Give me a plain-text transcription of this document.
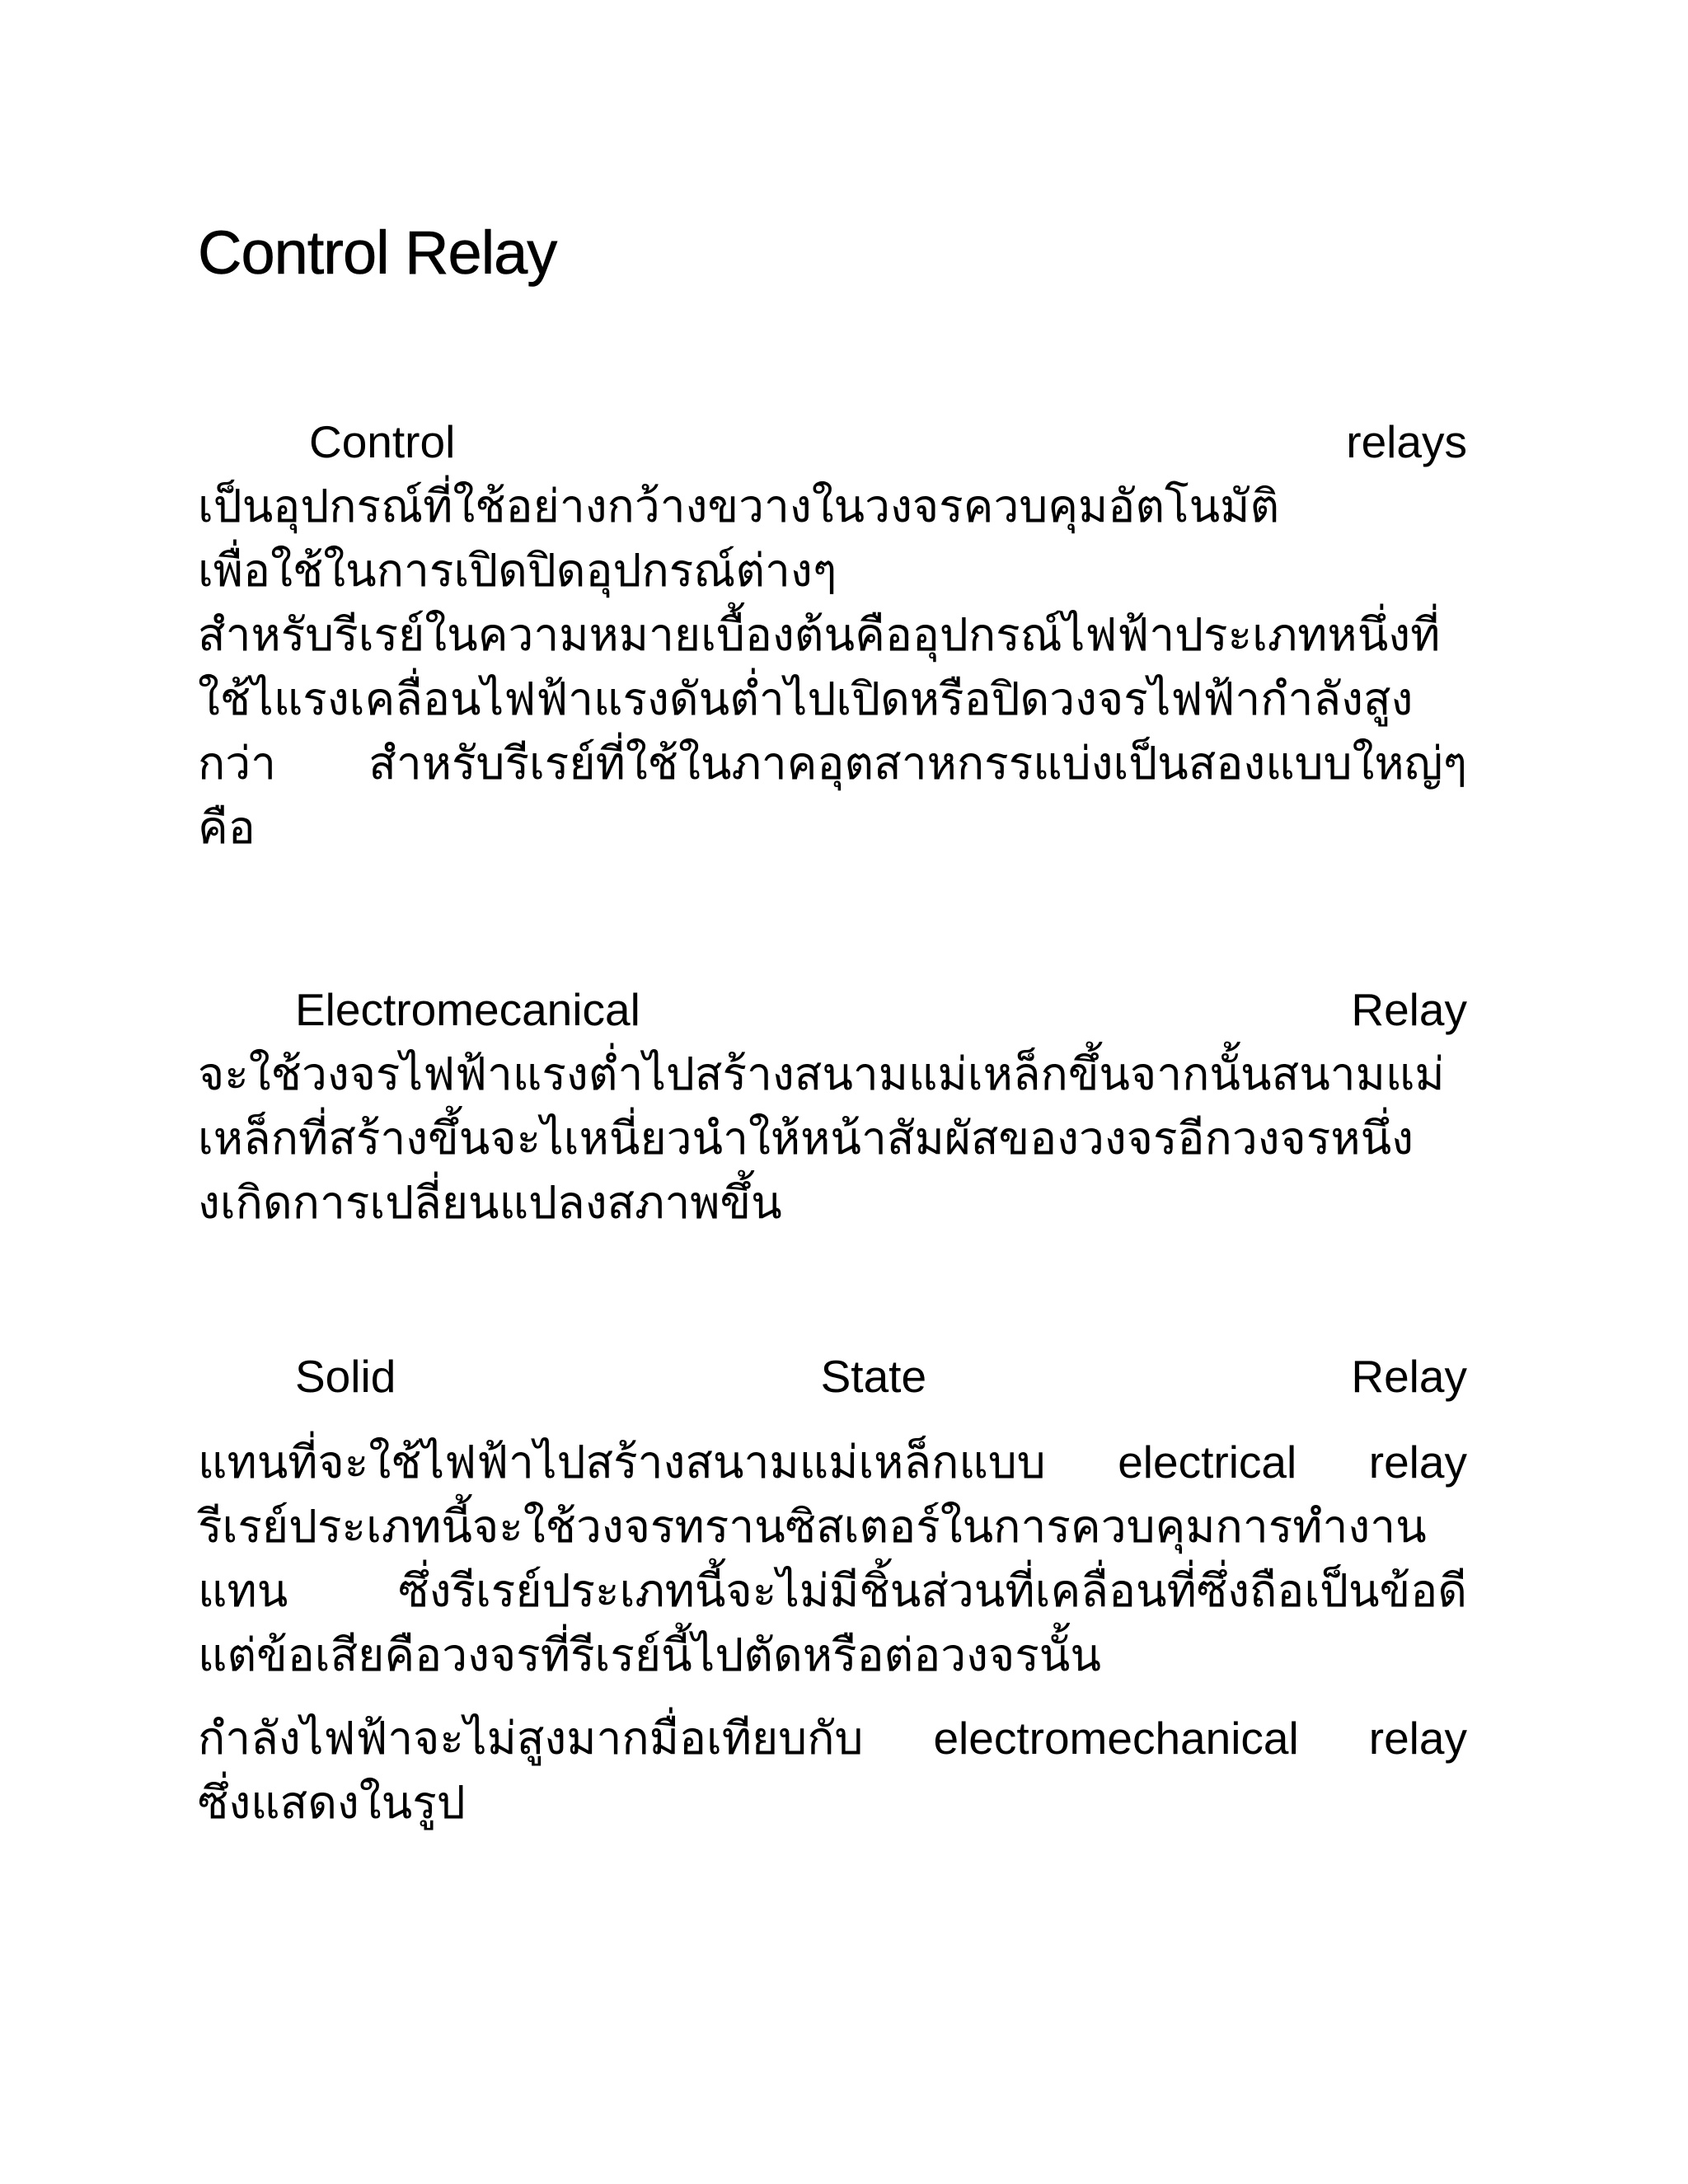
Control Relay
Control	relays
เป็นอุปกรณ์ที่ใช้อย่างกว้างขวางในวงจรควบคุมอัตโนมัติ
เพื่อใช้ในการเปิดปิดอุปกรณ์ต่างๆ
สำหรับรีเรย์ในความหมายเบื้องต้นคืออุปกรณ์ไฟฟ้าประเภทหนึ่งที่
ใช้ไแรงเคลื่อนไฟฟ้าแรงดันต่ำไปเปิดหรือปิดวงจรไฟฟ้ากำลังสูง
กว่า สำหรับรีเรย์ที่ใช้ในภาคอุตสาหกรรแบ่งเป็นสองแบบใหญ่ๆ
คือ
Electromecanical	Relay
จะใช้วงจรไฟฟ้าแรงต่ำไปสร้างสนามแม่เหล็กขึ้นจากนั้นสนามแม่
เหล็กที่สร้างขึ้นจะไเหนี่ยวนำให้หน้าสัมผัสของวงจรอีกวงจรหนึ่ง
งเกิดการเปลี่ยนแปลงสภาพขึ้น
Solid	State	Relay
แทนที่จะใช้ไฟฟ้าไปสร้างสนามแม่เหล็กแบบ electrical relay
รีเรย์ประเภทนี้จะใช้วงจรทรานซิสเตอร์ในการควบคุมการทำงาน
แทน ซึ่งรีเรย์ประเภทนี้จะไม่มีชิ้นส่วนที่เคลื่อนที่ซึ่งถือเป็นข้อดี
แต่ข้อเสียคือวงจรที่รีเรย์นี้ไปตัดหรือต่อวงจรนั้น
กำลังไฟฟ้าจะไม่สูงมากมื่อเทียบกับ electromechanical relay
ซึ่งแสดงในรูป
